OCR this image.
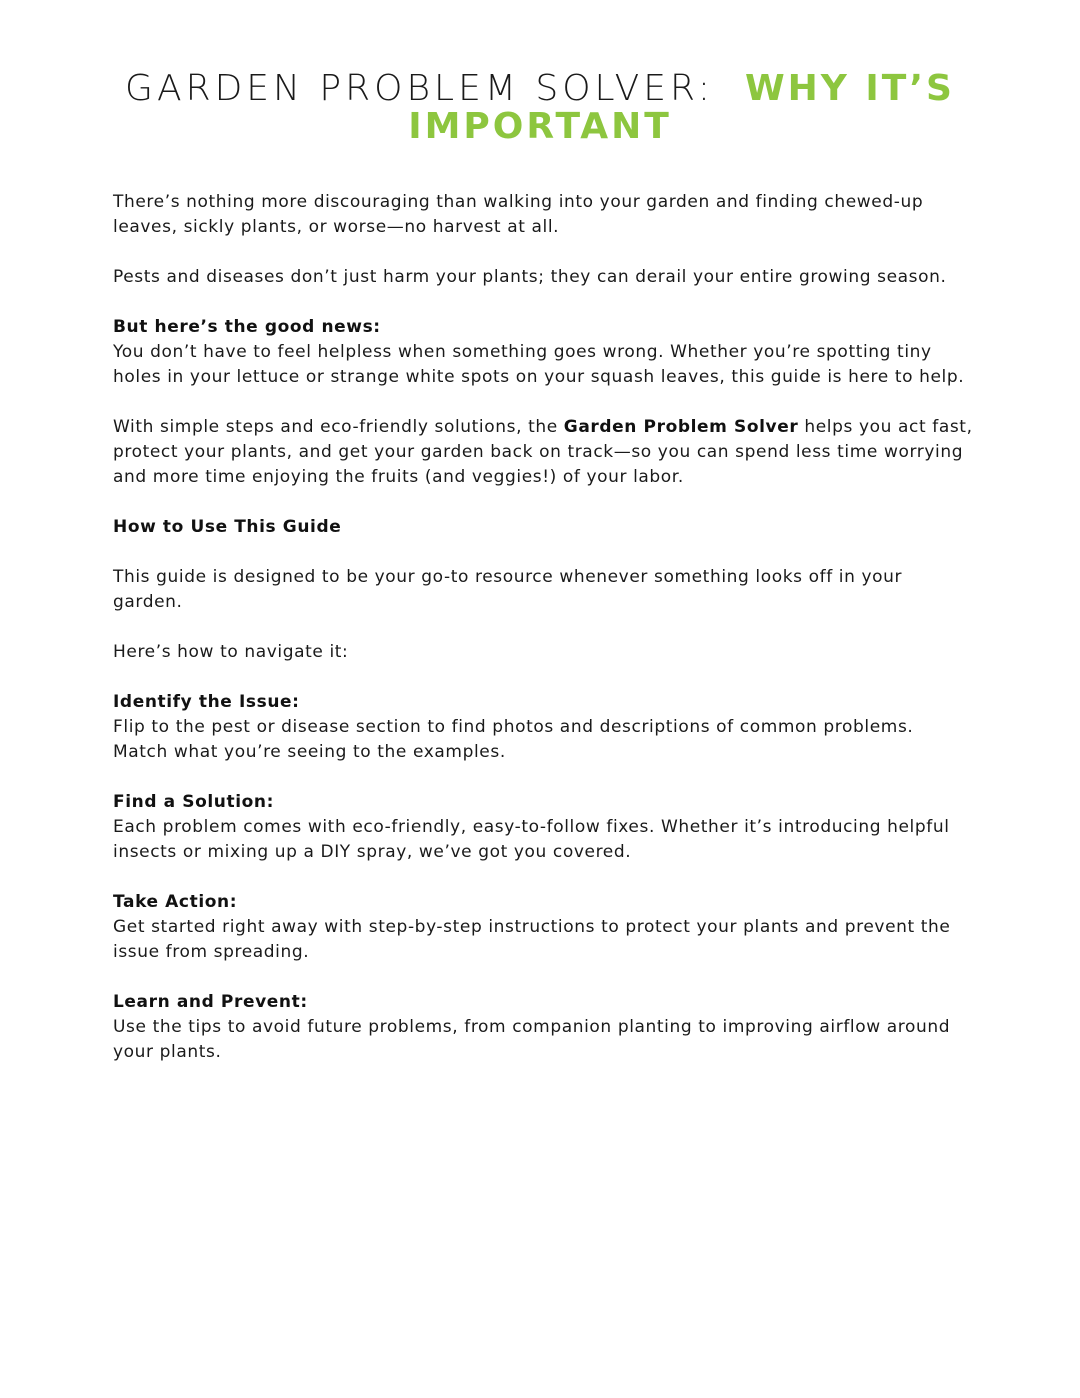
GARDEN PROBLEM SOLVER: WHY IT’S IMPORTANT

There’s nothing more discouraging than walking into your garden and finding chewed-up leaves, sickly plants, or worse—no harvest at all.

Pests and diseases don’t just harm your plants; they can derail your entire growing season.

But here’s the good news:
You don’t have to feel helpless when something goes wrong. Whether you’re spotting tiny holes in your lettuce or strange white spots on your squash leaves, this guide is here to help.

With simple steps and eco-friendly solutions, the Garden Problem Solver helps you act fast, protect your plants, and get your garden back on track—so you can spend less time worrying and more time enjoying the fruits (and veggies!) of your labor.

How to Use This Guide

This guide is designed to be your go-to resource whenever something looks off in your garden.

Here’s how to navigate it:

Identify the Issue:
Flip to the pest or disease section to find photos and descriptions of common problems. Match what you’re seeing to the examples.

Find a Solution:
Each problem comes with eco-friendly, easy-to-follow fixes. Whether it’s introducing helpful insects or mixing up a DIY spray, we’ve got you covered.

Take Action:
Get started right away with step-by-step instructions to protect your plants and prevent the issue from spreading.

Learn and Prevent:
Use the tips to avoid future problems, from companion planting to improving airflow around your plants.
